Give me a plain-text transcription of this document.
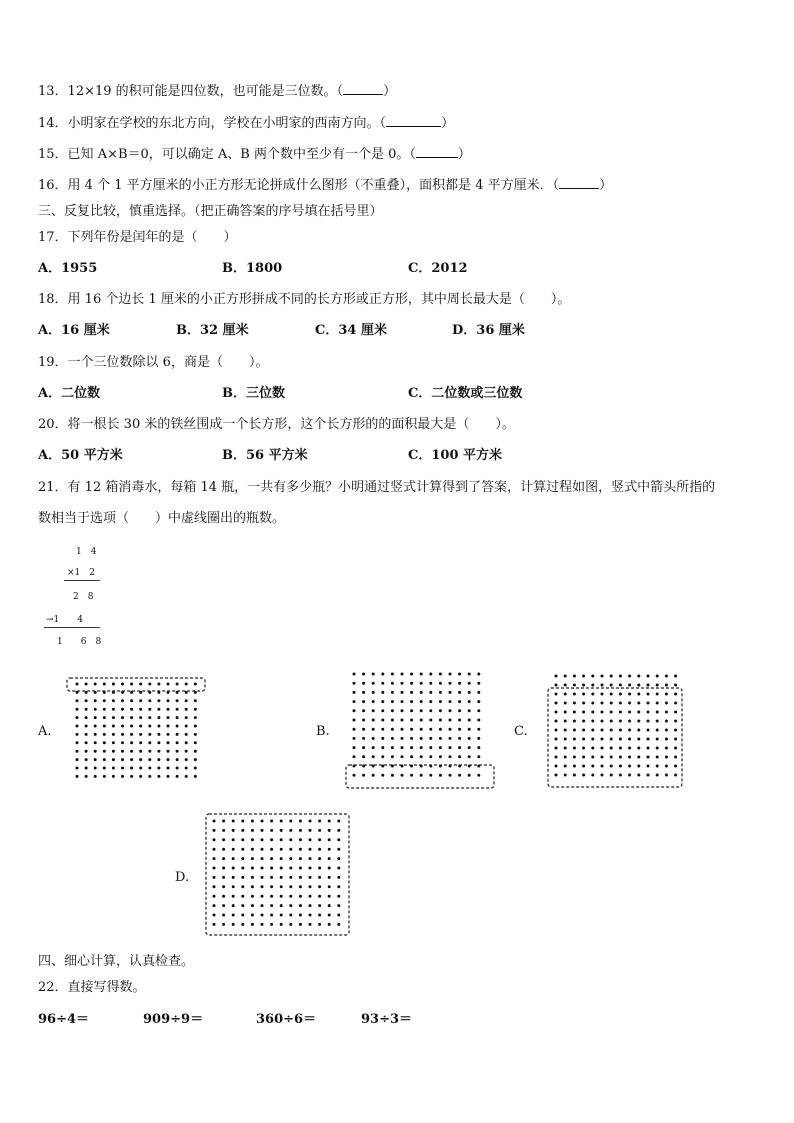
13．12×19 的积可能是四位数，也可能是三位数。（	）
14．小明家在学校的东北方向，学校在小明家的西南方向。（	）
15．已知 A×B＝0，可以确定 A、B 两个数中至少有一个是 0。（	）
16．用 4 个 1 平方厘米的小正方形无论拼成什么图形（不重叠），面积都是 4 平方厘米．（	）
三、反复比较，慎重选择。（把正确答案的序号填在括号里）
17．下列年份是闰年的是（　　）
A．1955	B．1800	C．2012
18．用 16 个边长 1 厘米的小正方形拼成不同的长方形或正方形，其中周长最大是（　　）。
A．16 厘米	B．32 厘米	C．34 厘米	D．36 厘米
19．一个三位数除以 6，商是（　　）。
A．二位数	B．三位数	C．二位数或三位数
20．将一根长 30 米的铁丝围成一个长方形，这个长方形的的面积最大是（　　）。
A．50 平方米	B．56 平方米	C．100 平方米
21．有 12 箱消毒水，每箱 14 瓶，一共有多少瓶？小明通过竖式计算得到了答案，计算过程如图，竖式中箭头所指的
数相当于选项（　　）中虚线圈出的瓶数。
1　4
×1　2
2　8
→1　　4
1　　6　8
A.	B.	C.
D.
四、细心计算，认真检查。
22．直接写得数。
96÷4＝	909÷9＝	360÷6＝	93÷3＝
